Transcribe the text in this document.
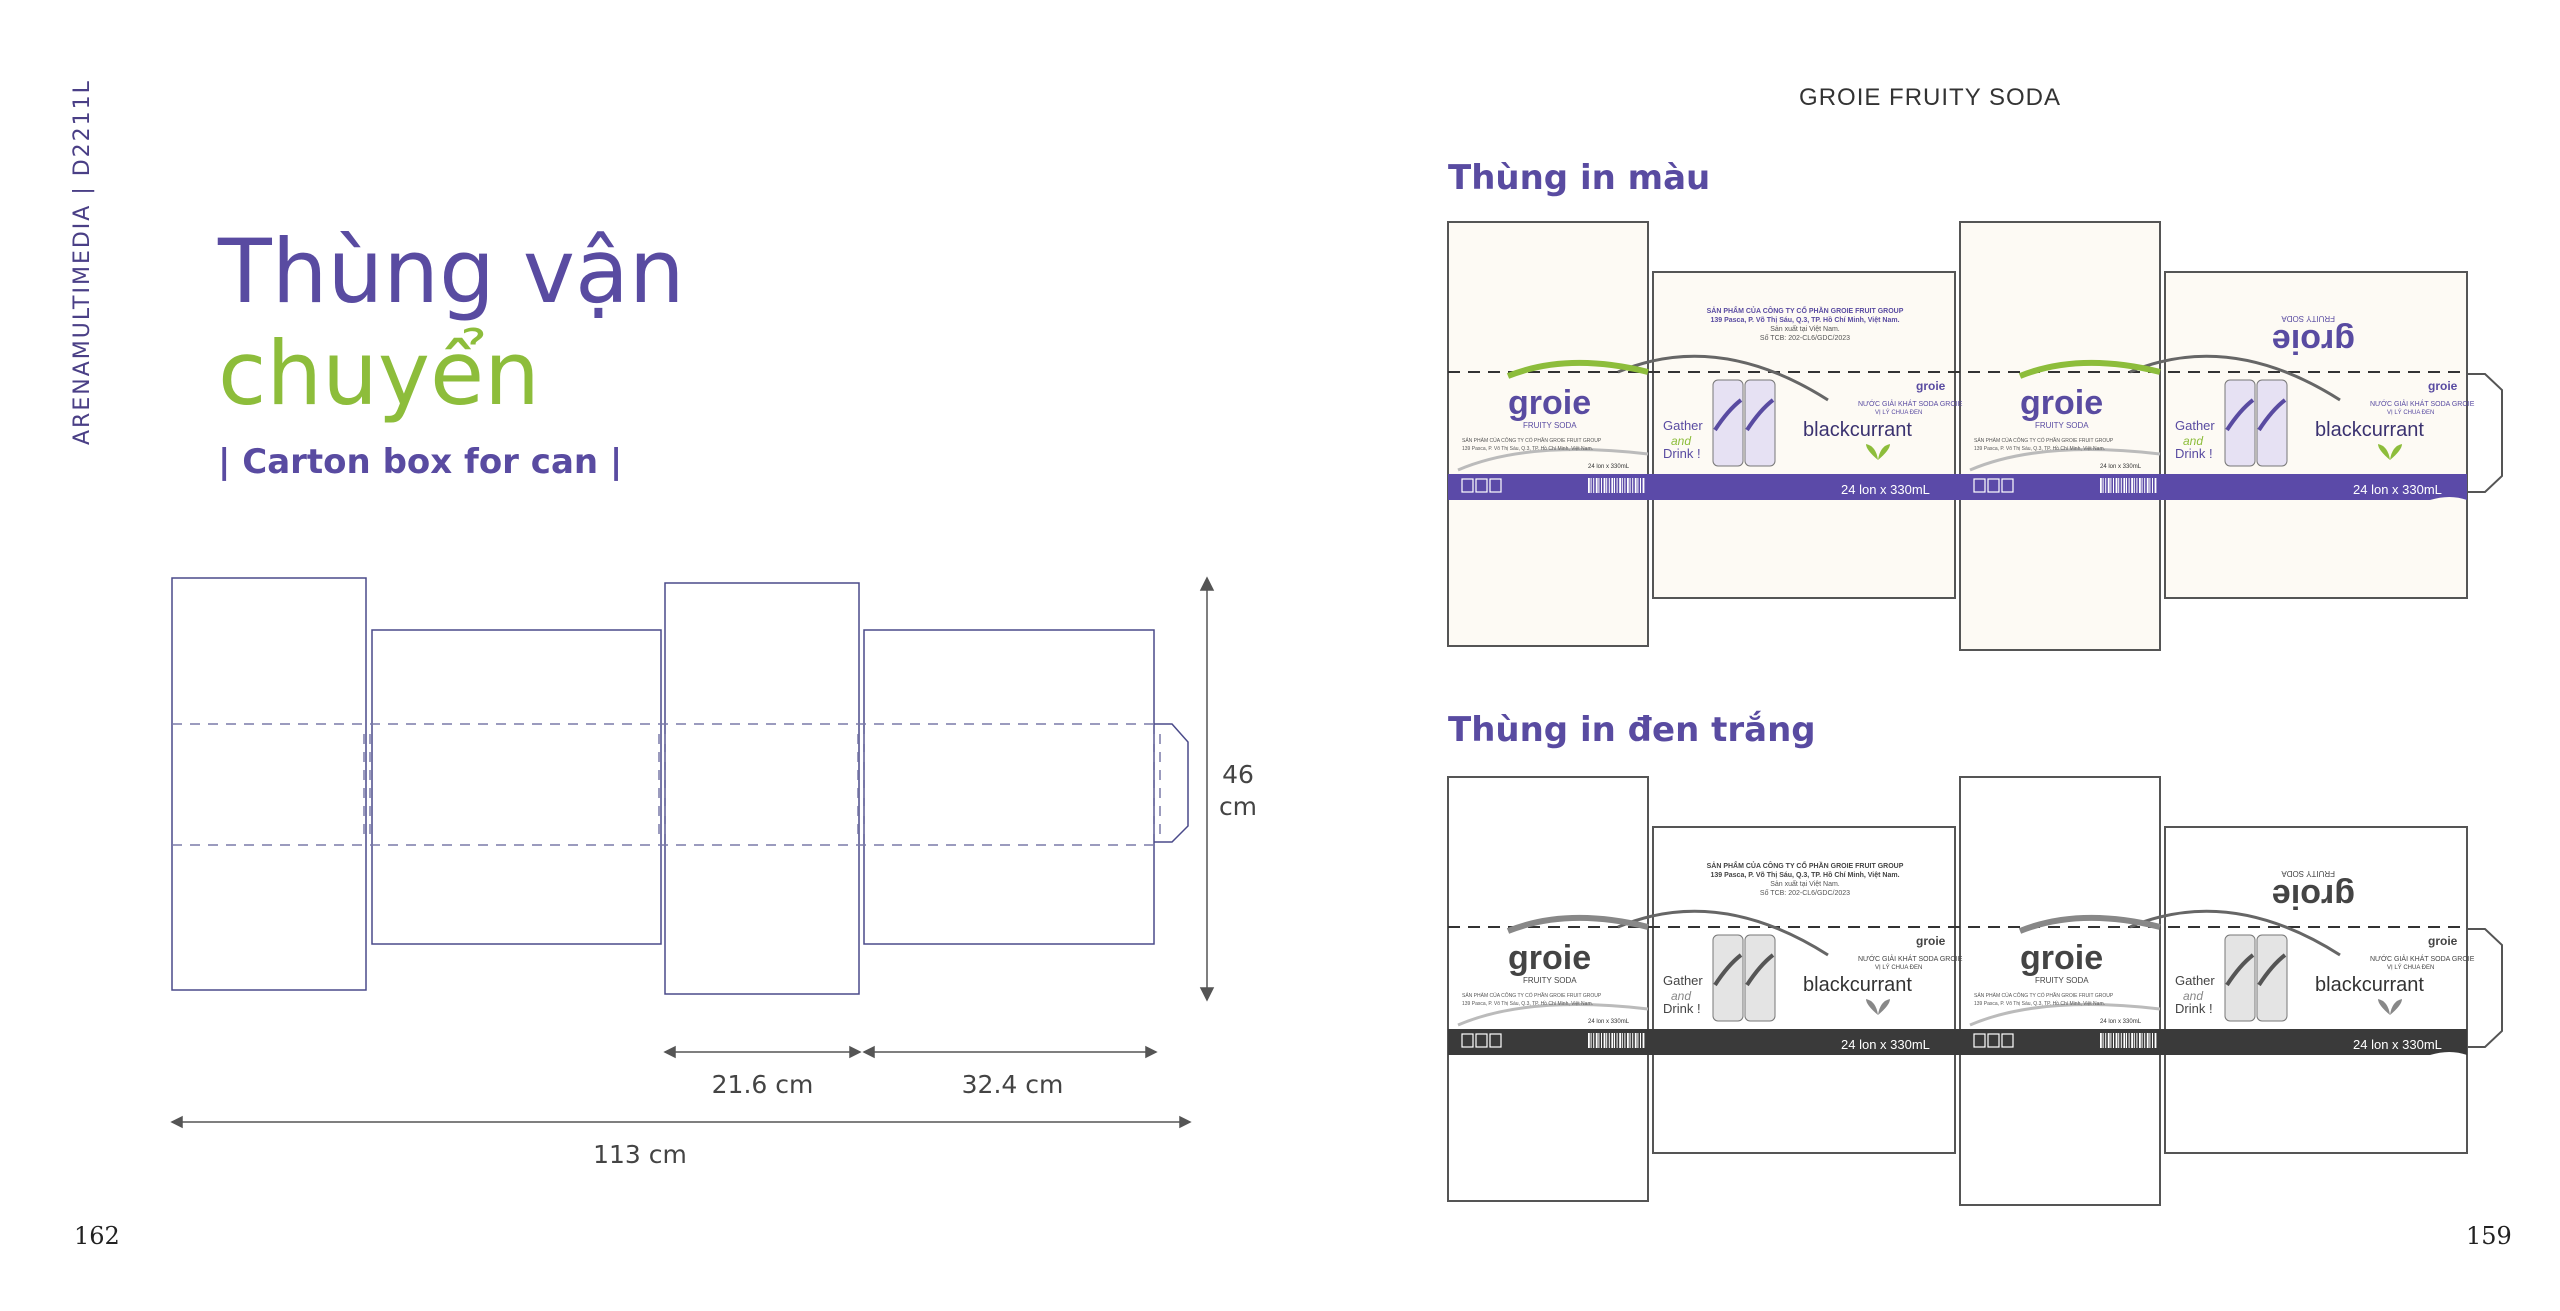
ARENAMULTIMEDIA | D2211L Thùng vận
chuyển
| Carton box for can |
46
cm
21.6 cm	32.4 cm
113 cm
162
GROIE FRUITY SODA
Thùng in màu
Thùng in đen trắng
159
groie
FRUITY SODA
SẢN PHẨM CỦA CÔNG TY CỔ PHẦN GROIE FRUIT GROUP
139 Pasca, P. Võ Thị Sáu, Q.3, TP. Hồ Chí Minh, Việt Nam.
24 lon x 330mL
Gather
and
Drink !
NƯỚC GIẢI KHÁT SODA GROIE
VỊ LÝ CHUA ĐEN
blackcurrant
24 lon x 330mL
groie
SẢN PHẨM CỦA CÔNG TY CỔ PHẦN GROIE FRUIT GROUP
139 Pasca, P. Võ Thị Sáu, Q.3, TP. Hồ Chí Minh, Việt Nam.
Sản xuất tại Việt Nam.
Số TCB: 202-CL6/GDC/2023
groie
FRUITY SODA
SẢN PHẨM CỦA CÔNG TY CỔ PHẦN GROIE FRUIT GROUP
139 Pasca, P. Võ Thị Sáu, Q.3, TP. Hồ Chí Minh, Việt Nam.
24 lon x 330mL
Gather
and
Drink !
NƯỚC GIẢI KHÁT SODA GROIE
VỊ LÝ CHUA ĐEN
blackcurrant
24 lon x 330mL
groie
groie
FRUITY SODA
groie
FRUITY SODA
SẢN PHẨM CỦA CÔNG TY CỔ PHẦN GROIE FRUIT GROUP
139 Pasca, P. Võ Thị Sáu, Q.3, TP. Hồ Chí Minh, Việt Nam.
24 lon x 330mL
Gather
and
Drink !
NƯỚC GIẢI KHÁT SODA GROIE
VỊ LÝ CHUA ĐEN
blackcurrant
24 lon x 330mL
groie
SẢN PHẨM CỦA CÔNG TY CỔ PHẦN GROIE FRUIT GROUP
139 Pasca, P. Võ Thị Sáu, Q.3, TP. Hồ Chí Minh, Việt Nam.
Sản xuất tại Việt Nam.
Số TCB: 202-CL6/GDC/2023
groie
FRUITY SODA
SẢN PHẨM CỦA CÔNG TY CỔ PHẦN GROIE FRUIT GROUP
139 Pasca, P. Võ Thị Sáu, Q.3, TP. Hồ Chí Minh, Việt Nam.
24 lon x 330mL
Gather
and
Drink !
NƯỚC GIẢI KHÁT SODA GROIE
VỊ LÝ CHUA ĐEN
blackcurrant
24 lon x 330mL
groie
groie
FRUITY SODA
